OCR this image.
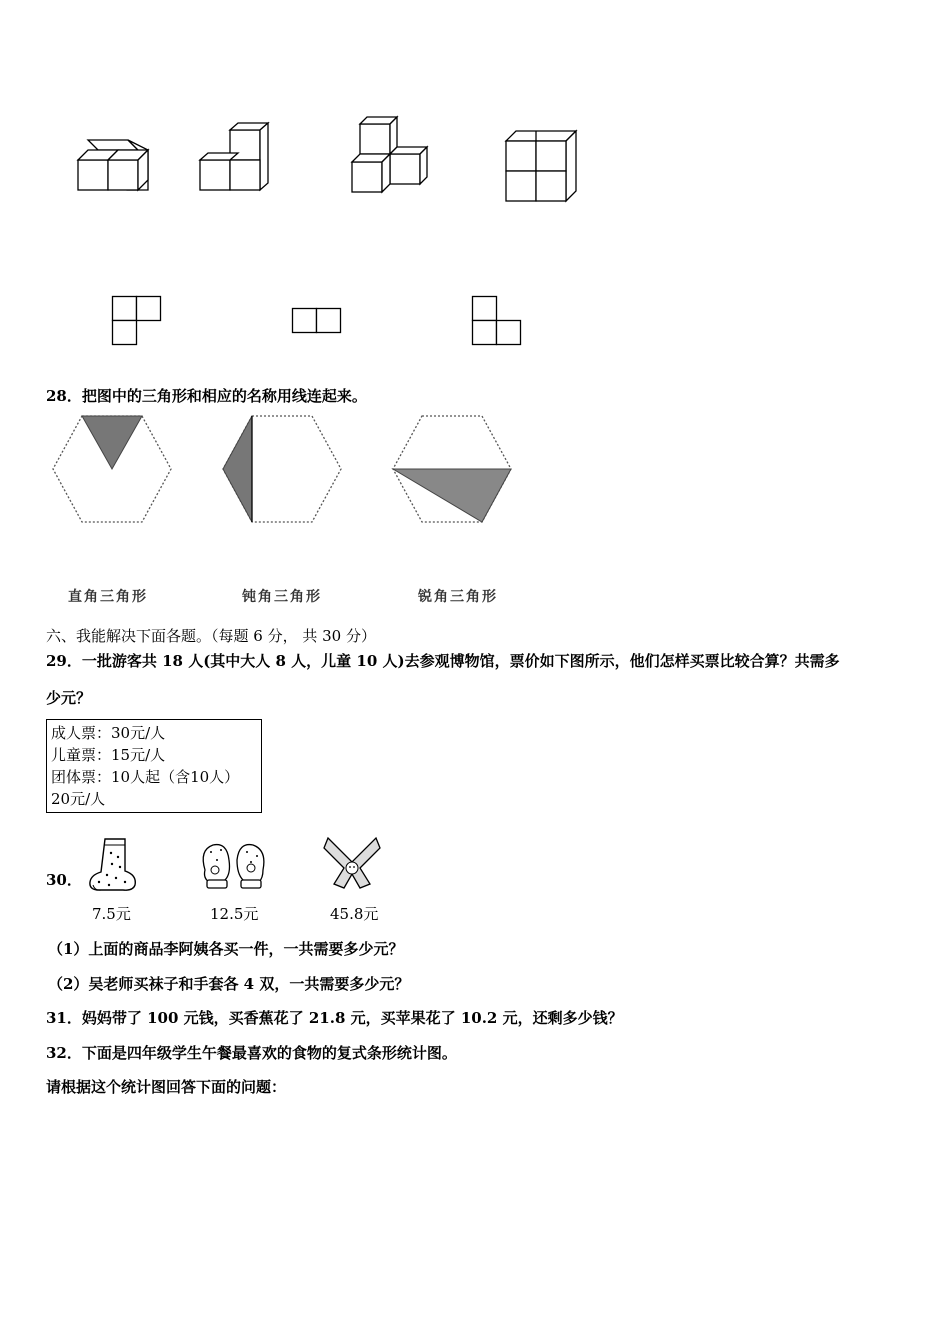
28．把图中的三角形和相应的名称用线连起来。
直角三角形	钝角三角形	锐角三角形
六、我能解决下面各题。（每题 6 分， 共 30 分）
29．一批游客共 18 人(其中大人 8 人，儿童 10 人)去参观博物馆，票价如下图所示，他们怎样买票比较合算？共需多
少元？
成人票：30元/人
儿童票：15元/人
团体票：10人起（含10人）
20元/人
30．
7.5元	12.5元	45.8元
（1）上面的商品李阿姨各买一件，一共需要多少元？
（2）吴老师买袜子和手套各 4 双，一共需要多少元？
31．妈妈带了 100 元钱，买香蕉花了 21.8 元，买苹果花了 10.2 元，还剩多少钱？
32．下面是四年级学生午餐最喜欢的食物的复式条形统计图。
请根据这个统计图回答下面的问题：
